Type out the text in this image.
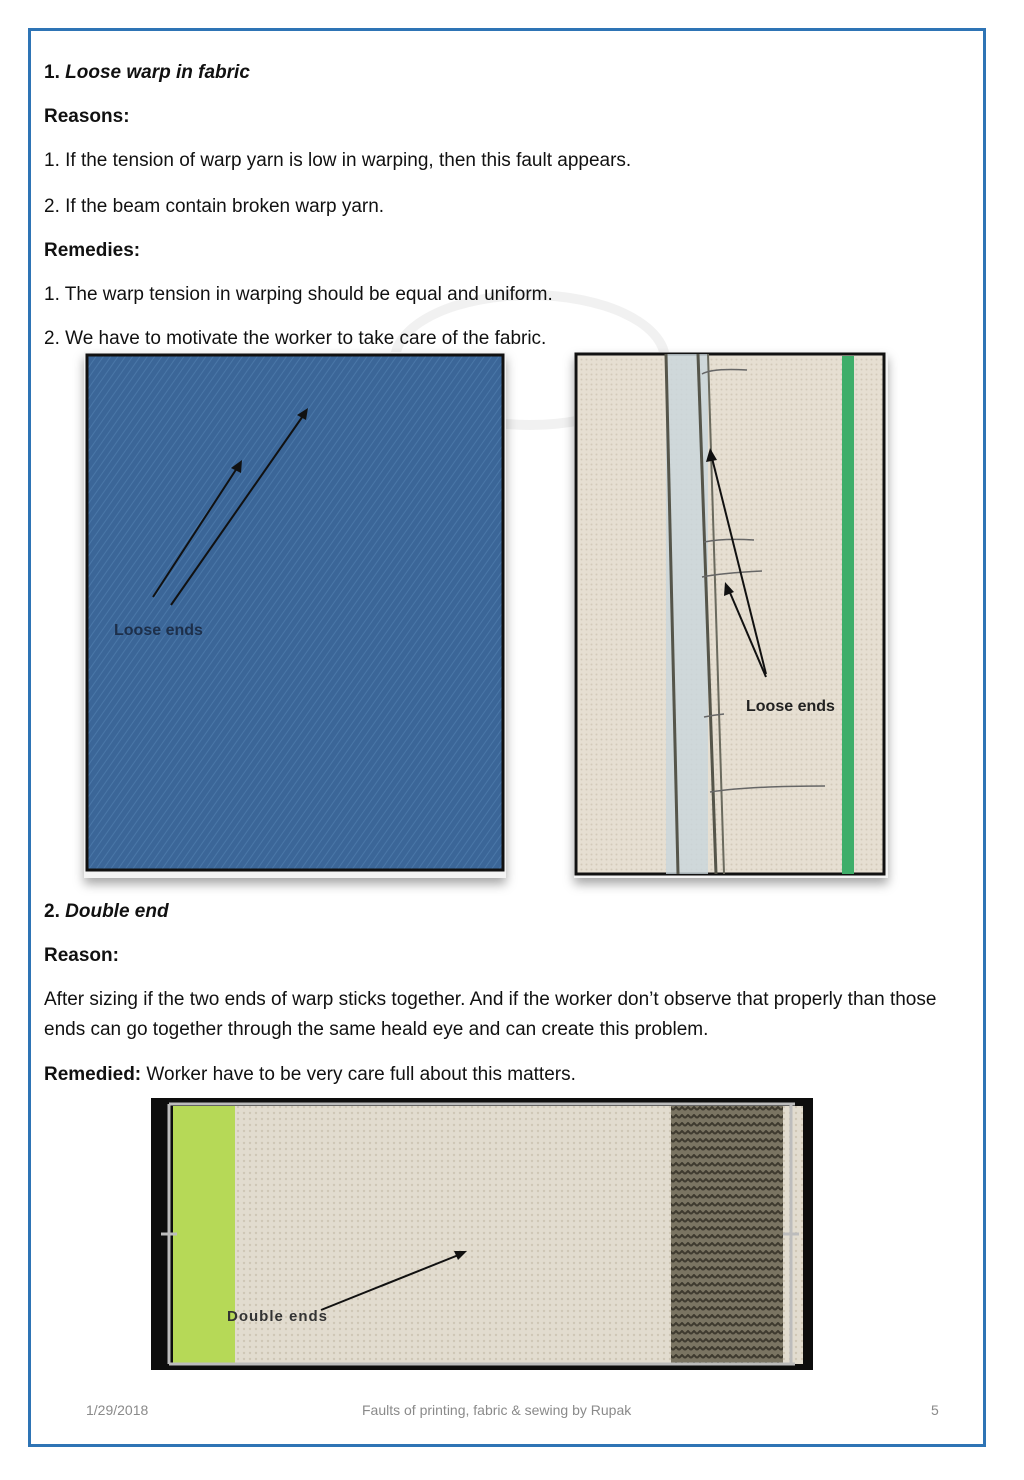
1. Loose warp in fabric
Reasons:
1. If the tension of warp yarn is low in warping, then this fault appears.
2. If the beam contain broken warp yarn.
Remedies:
1. The warp tension in warping should be equal and uniform.
2. We have to motivate the worker to take care of the fabric.
Loose ends
Loose ends
2. Double end
Reason:
After sizing if the two ends of warp sticks together. And if the worker don’t observe that properly than those ends can go together through the same heald eye and can create this problem.
Remedied: Worker have to be very care full about this matters.
Double ends
1/29/2018	Faults of printing, fabric & sewing by Rupak	5
